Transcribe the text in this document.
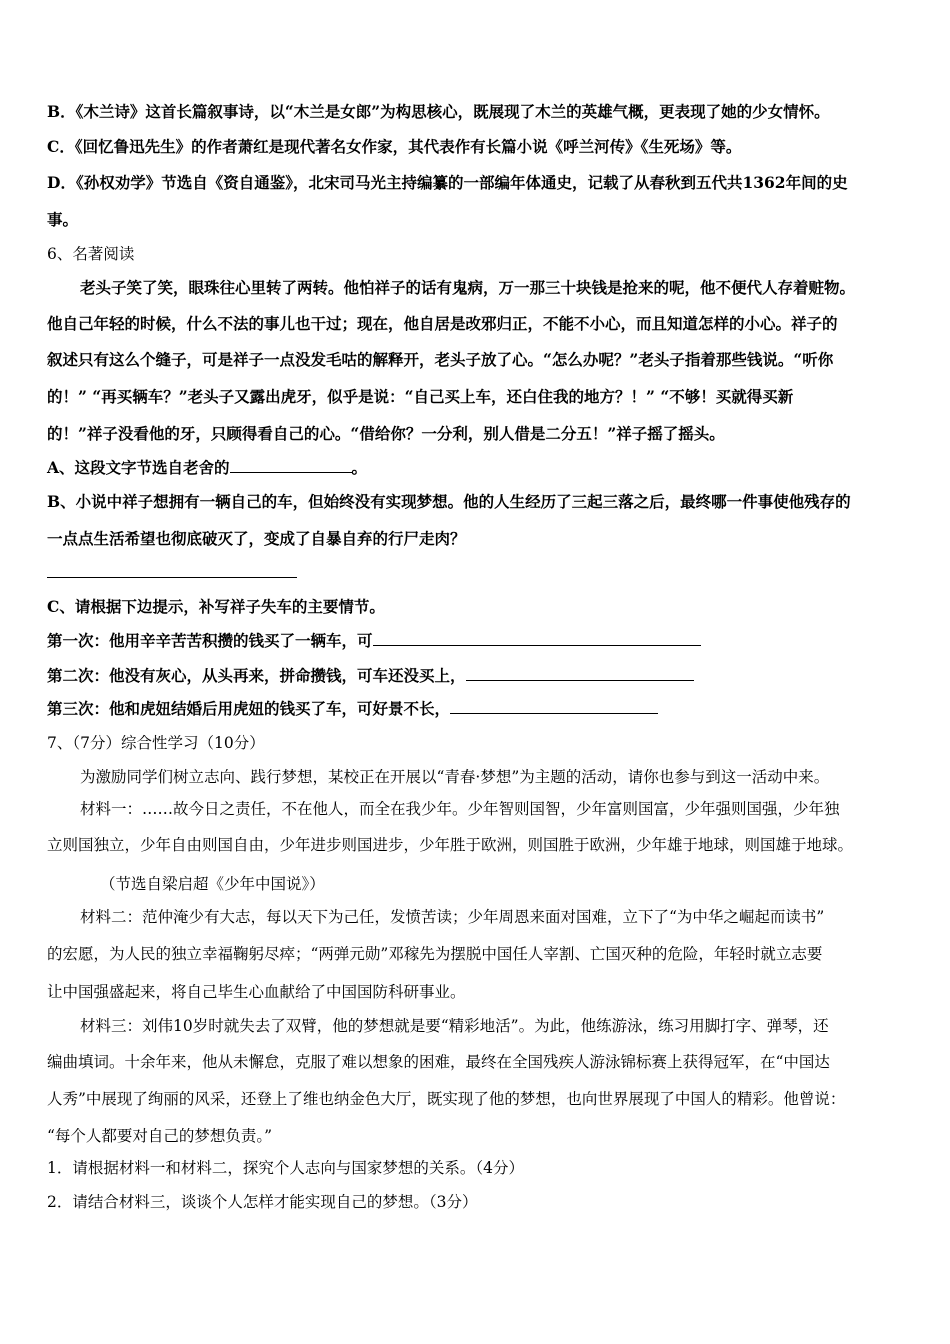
B．《木兰诗》这首长篇叙事诗，以“木兰是女郎”为构思核心，既展现了木兰的英雄气概，更表现了她的少女情怀。
C．《回忆鲁迅先生》的作者萧红是现代著名女作家，其代表作有长篇小说《呼兰河传》《生死场》等。
D．《孙权劝学》节选自《资自通鉴》，北宋司马光主持编纂的一部编年体通史，记载了从春秋到五代共1362年间的史
事。
6、名著阅读
老头子笑了笑，眼珠往心里转了两转。他怕祥子的话有鬼病，万一那三十块钱是抢来的呢，他不便代人存着赃物。
他自己年轻的时候，什么不法的事儿也干过；现在，他自居是改邪归正，不能不小心，而且知道怎样的小心。祥子的
叙述只有这么个缝子，可是祥子一点没发毛咕的解释开，老头子放了心。“怎么办呢？”老头子指着那些钱说。“听你
的！” “再买辆车？”老头子又露出虎牙，似乎是说：“自己买上车，还白住我的地方？！” “不够！买就得买新
的！”祥子没看他的牙，只顾得看自己的心。“借给你？一分利，别人借是二分五！”祥子摇了摇头。
A、这段文字节选自老舍的	。
B、小说中祥子想拥有一辆自己的车，但始终没有实现梦想。他的人生经历了三起三落之后，最终哪一件事使他残存的
一点点生活希望也彻底破灭了，变成了自暴自弃的行尸走肉？
C、请根据下边提示，补写祥子失车的主要情节。
第一次：他用辛辛苦苦积攒的钱买了一辆车，可
第二次：他没有灰心，从头再来，拼命攒钱，可车还没买上，
第三次：他和虎妞结婚后用虎妞的钱买了车，可好景不长，
7、（7分）综合性学习（10分）
为激励同学们树立志向、践行梦想，某校正在开展以“青春·梦想”为主题的活动，请你也参与到这一活动中来。
材料一：……故今日之责任，不在他人，而全在我少年。少年智则国智，少年富则国富，少年强则国强，少年独
立则国独立，少年自由则国自由，少年进步则国进步，少年胜于欧洲，则国胜于欧洲，少年雄于地球，则国雄于地球。
（节选自梁启超《少年中国说》）
材料二：范仲淹少有大志，每以天下为己任，发愤苦读；少年周恩来面对国难，立下了“为中华之崛起而读书”
的宏愿，为人民的独立幸福鞠躬尽瘁；“两弹元勋”邓稼先为摆脱中国任人宰割、亡国灭种的危险，年轻时就立志要
让中国强盛起来，将自己毕生心血献给了中国国防科研事业。
材料三：刘伟10岁时就失去了双臂，他的梦想就是要“精彩地活”。为此，他练游泳，练习用脚打字、弹琴，还
编曲填词。十余年来，他从未懈怠，克服了难以想象的困难，最终在全国残疾人游泳锦标赛上获得冠军，在“中国达
人秀”中展现了绚丽的风采，还登上了维也纳金色大厅，既实现了他的梦想，也向世界展现了中国人的精彩。他曾说：
“每个人都要对自己的梦想负责。”
1．请根据材料一和材料二，探究个人志向与国家梦想的关系。（4分）
2．请结合材料三，谈谈个人怎样才能实现自己的梦想。（3分）
